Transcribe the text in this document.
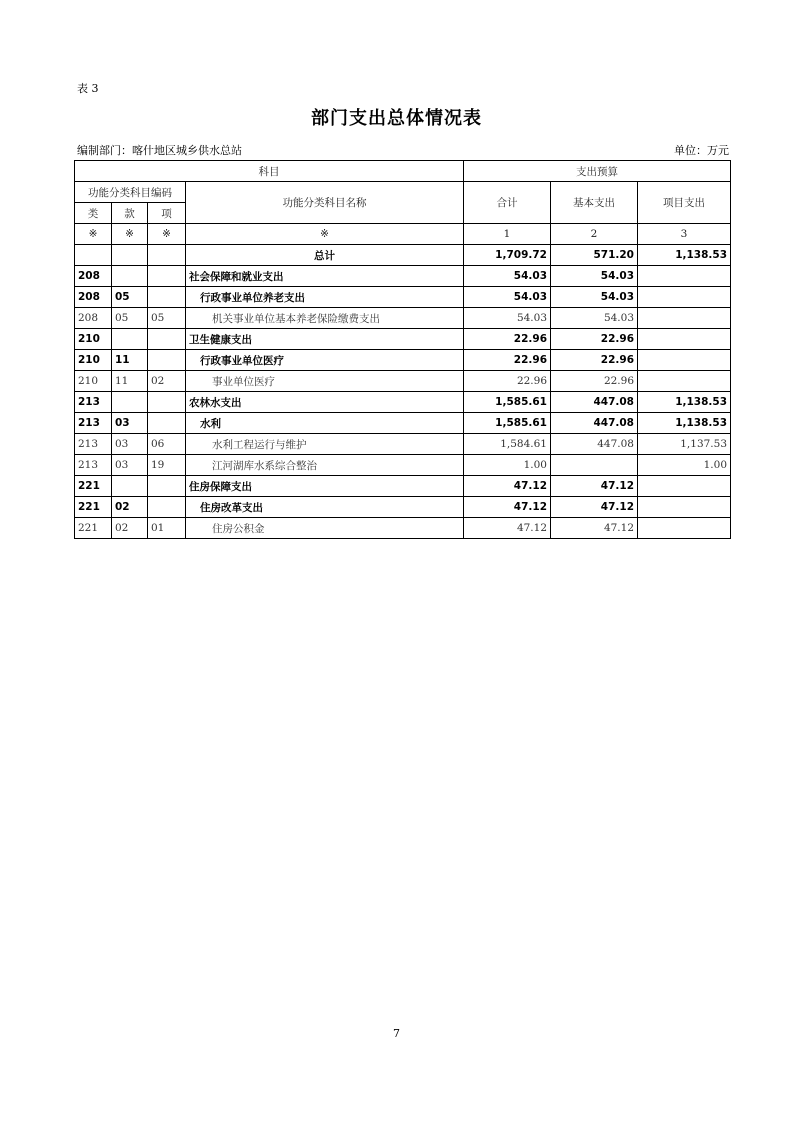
表 3
部门支出总体情况表
编制部门：喀什地区城乡供水总站	单位：万元
科目				支出预算		
功能分类科目编码			功能分类科目名称	合计	基本支出	项目支出
类	款	项				
※	※	※	※	1	2	3
			总计	1,709.72	571.20	1,138.53
208			社会保障和就业支出	54.03	54.03	
208	05		行政事业单位养老支出	54.03	54.03	
208	05	05	机关事业单位基本养老保险缴费支出	54.03	54.03	
210			卫生健康支出	22.96	22.96	
210	11		行政事业单位医疗	22.96	22.96	
210	11	02	事业单位医疗	22.96	22.96	
213			农林水支出	1,585.61	447.08	1,138.53
213	03		水利	1,585.61	447.08	1,138.53
213	03	06	水利工程运行与维护	1,584.61	447.08	1,137.53
213	03	19	江河湖库水系综合整治	1.00		1.00
221			住房保障支出	47.12	47.12	
221	02		住房改革支出	47.12	47.12	
221	02	01	住房公积金	47.12	47.12	
7
